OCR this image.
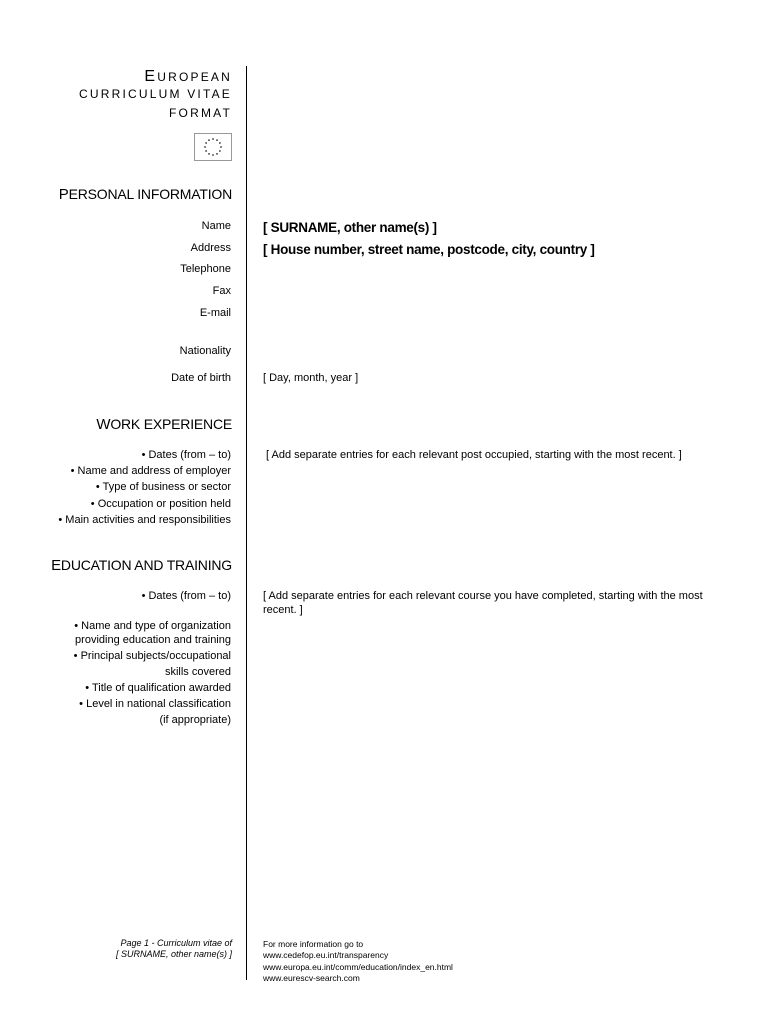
EUROPEAN
CURRICULUM VITAE
FORMAT
PERSONAL INFORMATION
Name
Address
Telephone
Fax
E-mail
Nationality
Date of birth
[ SURNAME, other name(s) ]
[ House number, street name, postcode, city, country ]
[ Day, month, year ]
WORK EXPERIENCE
• Dates (from – to)
• Name and address of employer
• Type of business or sector
• Occupation or position held
• Main activities and responsibilities
[ Add separate entries for each relevant post occupied, starting with the most recent. ]
EDUCATION AND TRAINING
• Dates (from – to)
• Name and type of organization
providing education and training
• Principal subjects/occupational
skills covered
• Title of qualification awarded
• Level in national classification
(if appropriate)
[ Add separate entries for each relevant course you have completed, starting with the most recent. ]
Page 1 - Curriculum vitae of
[ SURNAME, other name(s) ]
For more information go to
www.cedefop.eu.int/transparency
www.europa.eu.int/comm/education/index_en.html
www.eurescv-search.com
